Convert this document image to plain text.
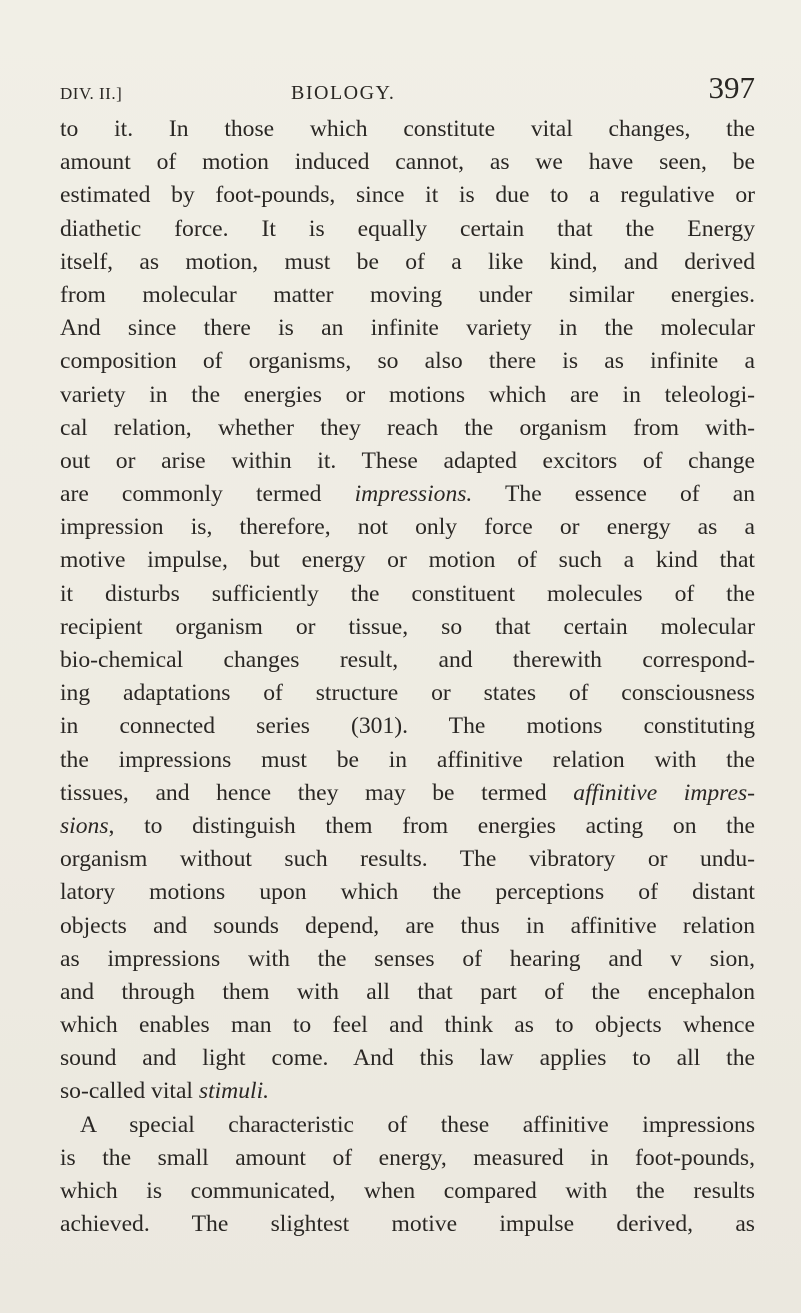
DIV. II.]	BIOLOGY.	397
to it. In those which constitute vital changes, the
amount of motion induced cannot, as we have seen, be
estimated by foot-pounds, since it is due to a regulative or
diathetic force. It is equally certain that the Energy
itself, as motion, must be of a like kind, and derived
from molecular matter moving under similar energies.
And since there is an infinite variety in the molecular
composition of organisms, so also there is as infinite a
variety in the energies or motions which are in teleologi-
cal relation, whether they reach the organism from with-
out or arise within it. These adapted excitors of change
are commonly termed impressions. The essence of an
impression is, therefore, not only force or energy as a
motive impulse, but energy or motion of such a kind that
it disturbs sufficiently the constituent molecules of the
recipient organism or tissue, so that certain molecular
bio-chemical changes result, and therewith correspond-
ing adaptations of structure or states of consciousness
in connected series (301). The motions constituting
the impressions must be in affinitive relation with the
tissues, and hence they may be termed affinitive impres-
sions, to distinguish them from energies acting on the
organism without such results. The vibratory or undu-
latory motions upon which the perceptions of distant
objects and sounds depend, are thus in affinitive relation
as impressions with the senses of hearing and v sion,
and through them with all that part of the encephalon
which enables man to feel and think as to objects whence
sound and light come. And this law applies to all the
so-called vital stimuli.
A special characteristic of these affinitive impressions
is the small amount of energy, measured in foot-pounds,
which is communicated, when compared with the results
achieved. The slightest motive impulse derived, as
